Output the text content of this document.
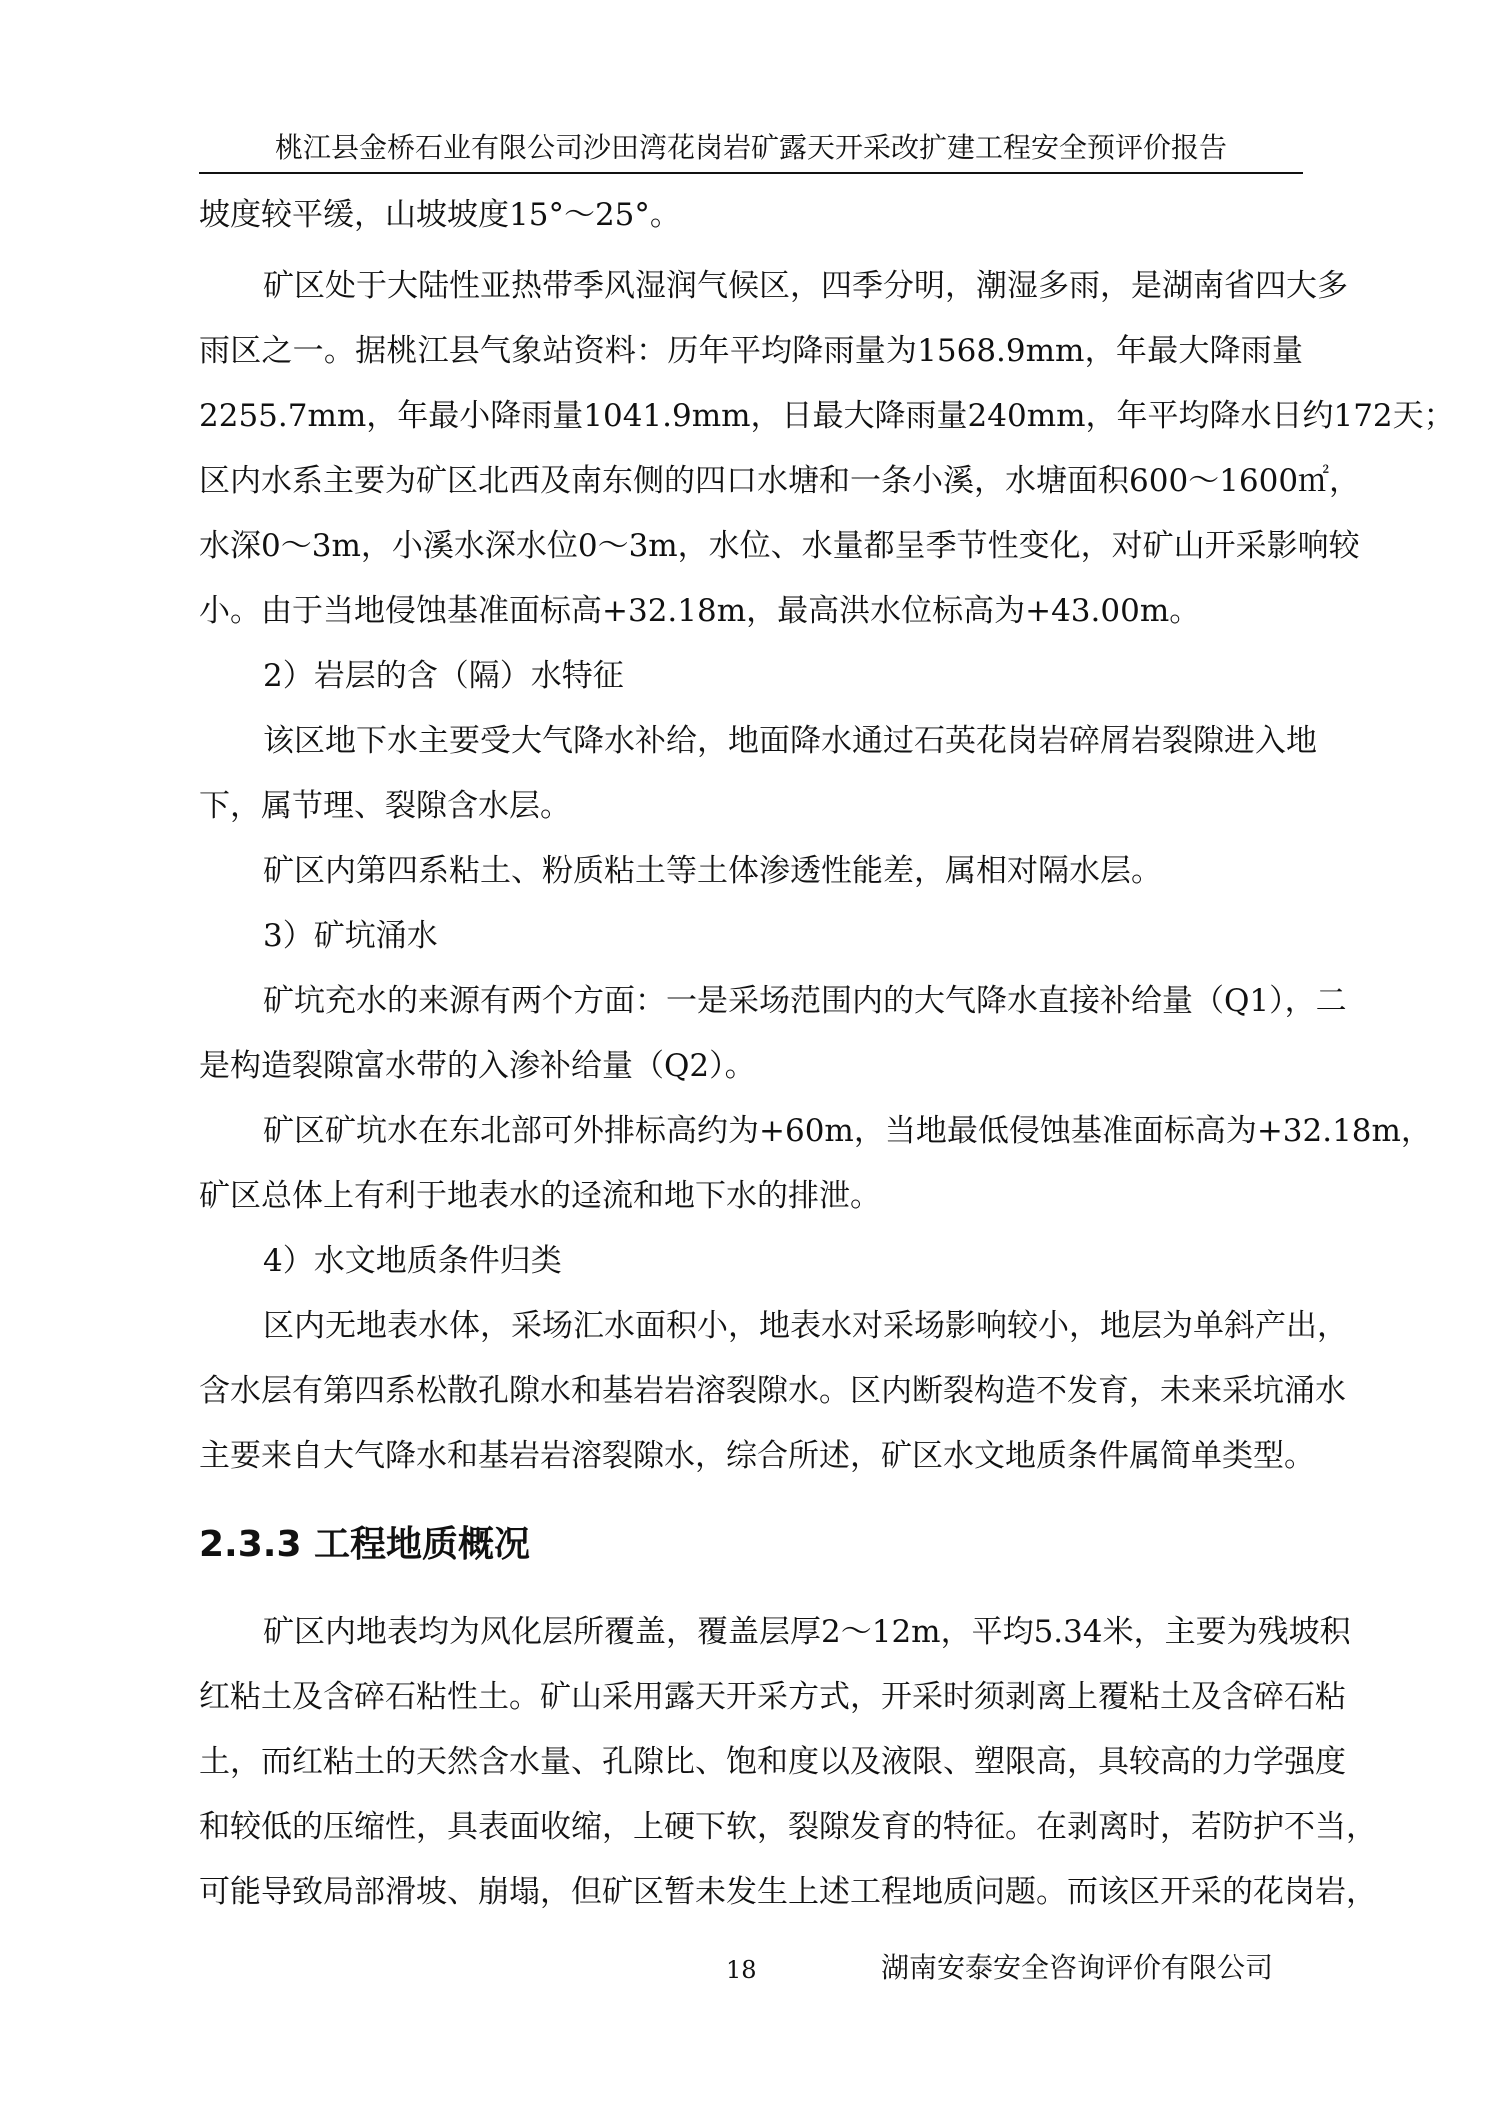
桃江县金桥石业有限公司沙田湾花岗岩矿露天开采改扩建工程安全预评价报告
坡度较平缓，山坡坡度15°～25°。
矿区处于大陆性亚热带季风湿润气候区，四季分明，潮湿多雨，是湖南省四大多
雨区之一。据桃江县气象站资料：历年平均降雨量为1568.9mm，年最大降雨量
2255.7mm，年最小降雨量1041.9mm，日最大降雨量240mm，年平均降水日约172天；
区内水系主要为矿区北西及南东侧的四口水塘和一条小溪，水塘面积600～1600㎡，
水深0～3m，小溪水深水位0～3m，水位、水量都呈季节性变化，对矿山开采影响较
小。由于当地侵蚀基准面标高+32.18m，最高洪水位标高为+43.00m。
2）岩层的含（隔）水特征
该区地下水主要受大气降水补给，地面降水通过石英花岗岩碎屑岩裂隙进入地
下，属节理、裂隙含水层。
矿区内第四系粘土、粉质粘土等土体渗透性能差，属相对隔水层。
3）矿坑涌水
矿坑充水的来源有两个方面：一是采场范围内的大气降水直接补给量（Q1），二
是构造裂隙富水带的入渗补给量（Q2）。
矿区矿坑水在东北部可外排标高约为+60m，当地最低侵蚀基准面标高为+32.18m，
矿区总体上有利于地表水的迳流和地下水的排泄。
4）水文地质条件归类
区内无地表水体，采场汇水面积小，地表水对采场影响较小，地层为单斜产出，
含水层有第四系松散孔隙水和基岩岩溶裂隙水。区内断裂构造不发育，未来采坑涌水
主要来自大气降水和基岩岩溶裂隙水，综合所述，矿区水文地质条件属简单类型。
2.3.3 工程地质概况
矿区内地表均为风化层所覆盖，覆盖层厚2～12m，平均5.34米，主要为残坡积
红粘土及含碎石粘性土。矿山采用露天开采方式，开采时须剥离上覆粘土及含碎石粘
土，而红粘土的天然含水量、孔隙比、饱和度以及液限、塑限高，具较高的力学强度
和较低的压缩性，具表面收缩，上硬下软，裂隙发育的特征。在剥离时，若防护不当，
可能导致局部滑坡、崩塌，但矿区暂未发生上述工程地质问题。而该区开采的花岗岩，
18	湖南安泰安全咨询评价有限公司
